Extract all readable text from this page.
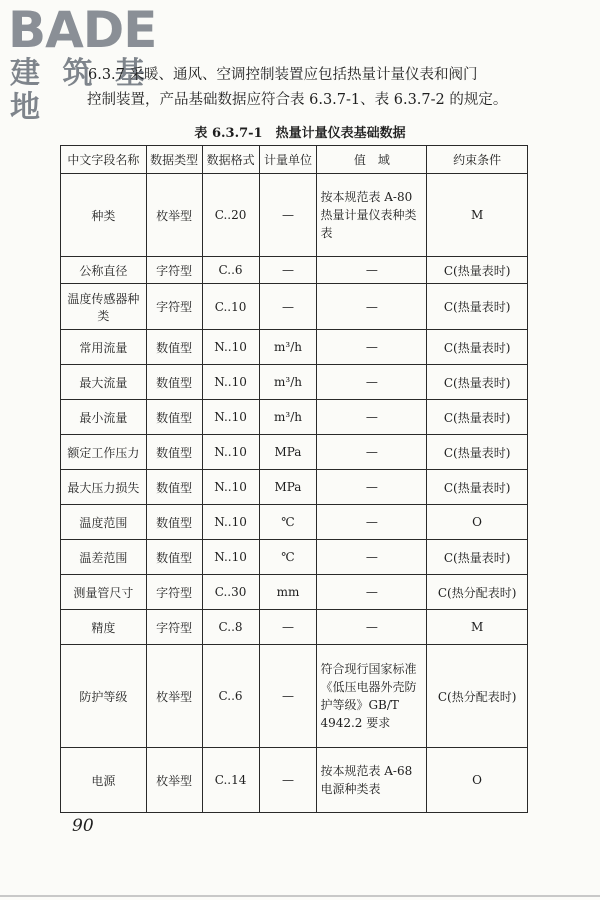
BADE
建 筑 基 地
6.3.7 采暖、通风、空调控制装置应包括热量计量仪表和阀门
控制装置，产品基础数据应符合表 6.3.7-1、表 6.3.7-2 的规定。
表 6.3.7-1　热量计量仪表基础数据
中文字段名称	数据类型	数据格式	计量单位	值　域	约束条件
种类	枚举型	C..20	—	按本规范表 A-80 热量计量仪表种类表	M
公称直径	字符型	C..6	—	—	C(热量表时)
温度传感器种类	字符型	C..10	—	—	C(热量表时)
常用流量	数值型	N..10	m³/h	—	C(热量表时)
最大流量	数值型	N..10	m³/h	—	C(热量表时)
最小流量	数值型	N..10	m³/h	—	C(热量表时)
额定工作压力	数值型	N..10	MPa	—	C(热量表时)
最大压力损失	数值型	N..10	MPa	—	C(热量表时)
温度范围	数值型	N..10	℃	—	O
温差范围	数值型	N..10	℃	—	C(热量表时)
测量管尺寸	字符型	C..30	mm	—	C(热分配表时)
精度	字符型	C..8	—	—	M
防护等级	枚举型	C..6	—	符合现行国家标准《低压电器外壳防护等级》GB/T 4942.2 要求	C(热分配表时)
电源	枚举型	C..14	—	按本规范表 A-68 电源种类表	O
90
